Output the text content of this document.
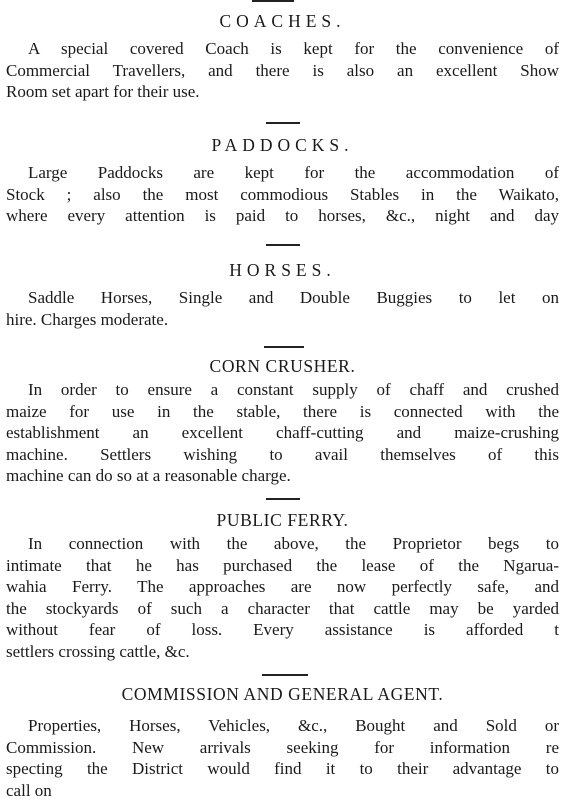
COACHES.

A special covered Coach is kept for the convenience of

Commercial Travellers, and there is also an excellent Show

Room set apart for their use.

PADDOCKS.

Large Paddocks are kept for the accommodation of

Stock ; also the most commodious Stables in the Waikato,

where every attention is paid to horses, &c., night and day

HORSES.

Saddle Horses, Single and Double Buggies to let on

hire. Charges moderate.

CORN CRUSHER.

In order to ensure a constant supply of chaff and crushed

maize for use in the stable, there is connected with the

establishment an excellent chaff-cutting and maize-crushing

machine. Settlers wishing to avail themselves of this

machine can do so at a reasonable charge.

PUBLIC FERRY.

In connection with the above, the Proprietor begs to

intimate that he has purchased the lease of the Ngarua-

wahia Ferry. The approaches are now perfectly safe, and

the stockyards of such a character that cattle may be yarded

without fear of loss. Every assistance is afforded t

settlers crossing cattle, &c.

COMMISSION AND GENERAL AGENT.

Properties, Horses, Vehicles, &c., Bought and Sold or

Commission. New arrivals seeking for information re

specting the District would find it to their advantage to

call on
